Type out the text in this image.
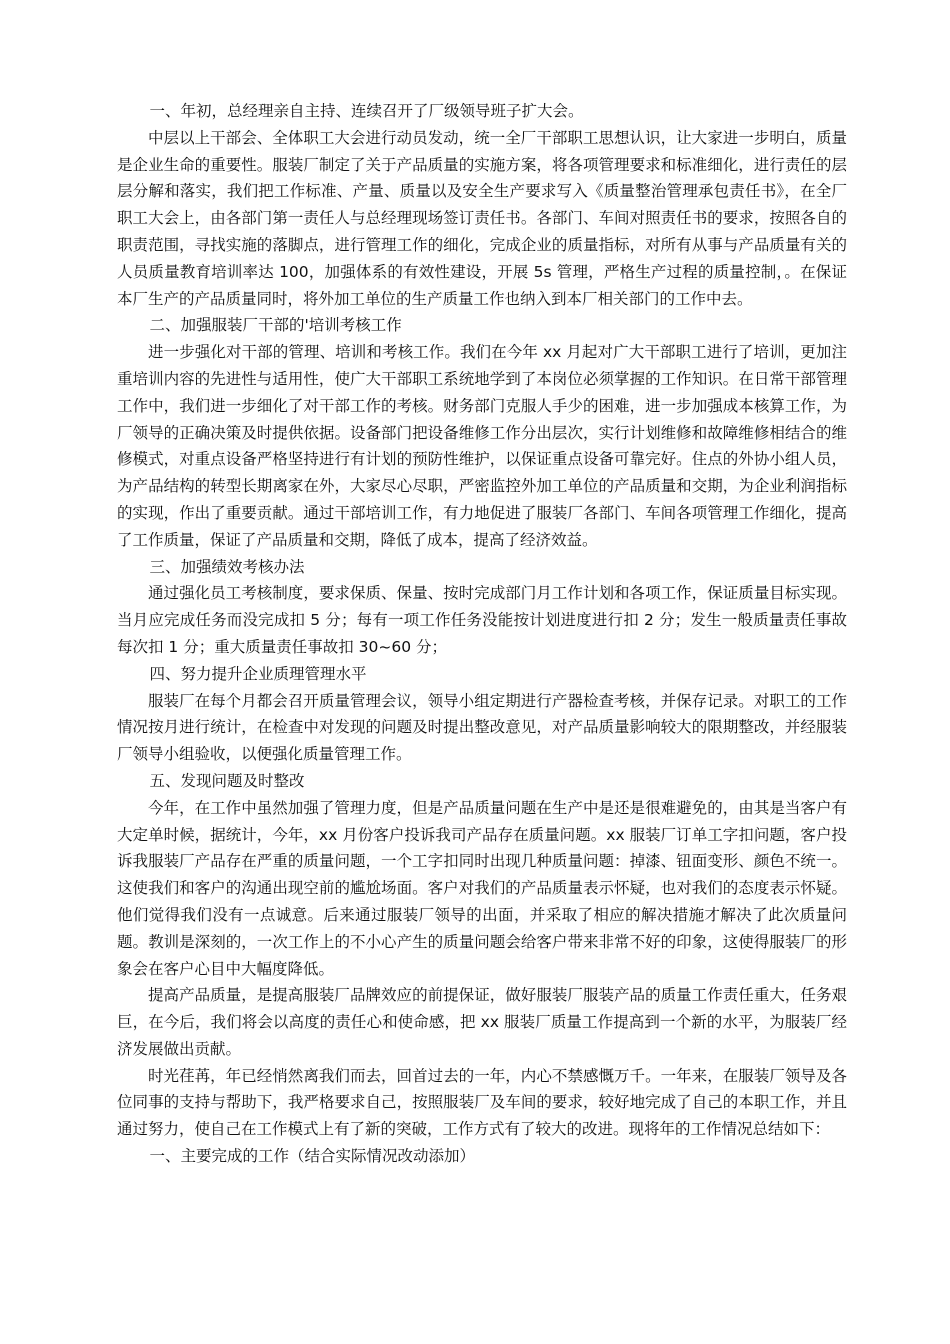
一、年初，总经理亲自主持、连续召开了厂级领导班子扩大会。

中层以上干部会、全体职工大会进行动员发动，统一全厂干部职工思想认识，让大家进一步明白，质量是企业生命的重要性。服装厂制定了关于产品质量的实施方案，将各项管理要求和标准细化，进行责任的层层分解和落实，我们把工作标准、产量、质量以及安全生产要求写入《质量整治管理承包责任书》，在全厂职工大会上，由各部门第一责任人与总经理现场签订责任书。各部门、车间对照责任书的要求，按照各自的职责范围，寻找实施的落脚点，进行管理工作的细化，完成企业的质量指标，对所有从事与产品质量有关的人员质量教育培训率达 100，加强体系的有效性建设，开展 5s 管理，严格生产过程的质量控制，。在保证本厂生产的产品质量同时，将外加工单位的生产质量工作也纳入到本厂相关部门的工作中去。

二、加强服装厂干部的'培训考核工作

进一步强化对干部的管理、培训和考核工作。我们在今年 xx 月起对广大干部职工进行了培训，更加注重培训内容的先进性与适用性，使广大干部职工系统地学到了本岗位必须掌握的工作知识。在日常干部管理工作中，我们进一步细化了对干部工作的考核。财务部门克服人手少的困难，进一步加强成本核算工作，为厂领导的正确决策及时提供依据。设备部门把设备维修工作分出层次，实行计划维修和故障维修相结合的维修模式，对重点设备严格坚持进行有计划的预防性维护，以保证重点设备可靠完好。住点的外协小组人员，为产品结构的转型长期离家在外，大家尽心尽职，严密监控外加工单位的产品质量和交期，为企业利润指标的实现，作出了重要贡献。通过干部培训工作，有力地促进了服装厂各部门、车间各项管理工作细化，提高了工作质量，保证了产品质量和交期，降低了成本，提高了经济效益。

三、加强绩效考核办法

通过强化员工考核制度，要求保质、保量、按时完成部门月工作计划和各项工作，保证质量目标实现。当月应完成任务而没完成扣 5 分；每有一项工作任务没能按计划进度进行扣 2 分；发生一般质量责任事故每次扣 1 分；重大质量责任事故扣 30~60 分；

四、努力提升企业质理管理水平

服装厂在每个月都会召开质量管理会议，领导小组定期进行产器检查考核，并保存记录。对职工的工作情况按月进行统计，在检查中对发现的问题及时提出整改意见，对产品质量影响较大的限期整改，并经服装厂领导小组验收，以便强化质量管理工作。

五、发现问题及时整改

今年，在工作中虽然加强了管理力度，但是产品质量问题在生产中是还是很难避免的，由其是当客户有大定单时候，据统计，今年，xx 月份客户投诉我司产品存在质量问题。xx 服装厂订单工字扣问题，客户投诉我服装厂产品存在严重的质量问题，一个工字扣同时出现几种质量问题：掉漆、钮面变形、颜色不统一。这使我们和客户的沟通出现空前的尴尬场面。客户对我们的产品质量表示怀疑，也对我们的态度表示怀疑。他们觉得我们没有一点诚意。后来通过服装厂领导的出面，并采取了相应的解决措施才解决了此次质量问题。教训是深刻的，一次工作上的不小心产生的质量问题会给客户带来非常不好的印象，这使得服装厂的形象会在客户心目中大幅度降低。

提高产品质量，是提高服装厂品牌效应的前提保证，做好服装厂服装产品的质量工作责任重大，任务艰巨，在今后，我们将会以高度的责任心和使命感，把 xx 服装厂质量工作提高到一个新的水平，为服装厂经济发展做出贡献。

时光荏苒，年已经悄然离我们而去，回首过去的一年，内心不禁感慨万千。一年来，在服装厂领导及各位同事的支持与帮助下，我严格要求自己，按照服装厂及车间的要求，较好地完成了自己的本职工作，并且通过努力，使自己在工作模式上有了新的突破，工作方式有了较大的改进。现将年的工作情况总结如下：

一、主要完成的工作（结合实际情况改动添加）
